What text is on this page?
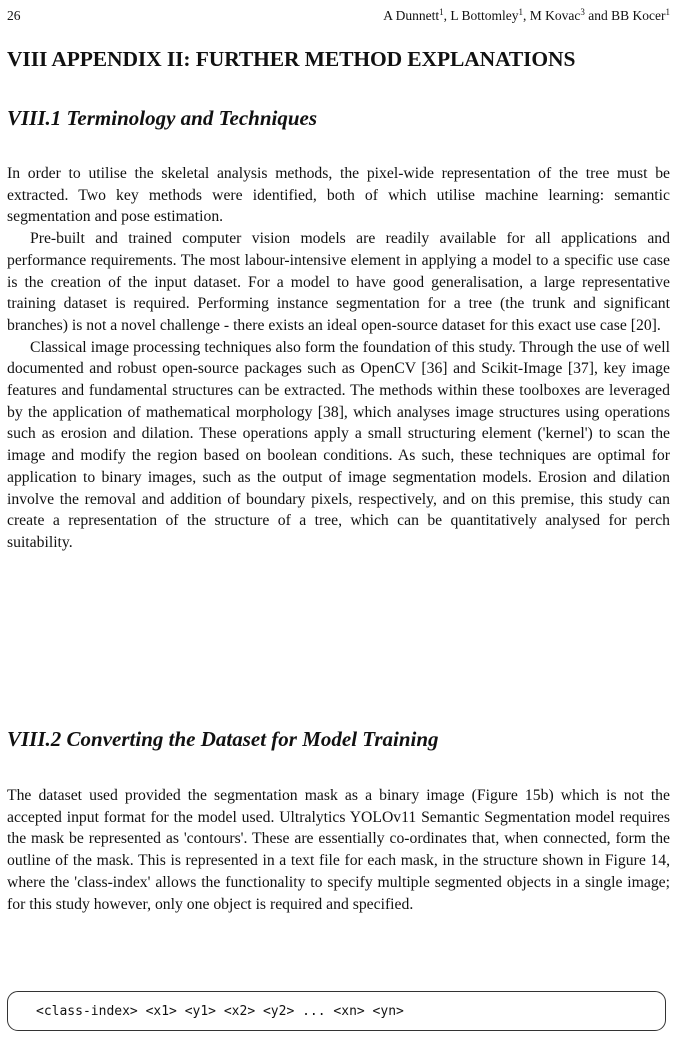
26	A Dunnett$^1$, L Bottomley$^1$, M Kovac$^3$ and BB Kocer$^1$
VIII APPENDIX II: FURTHER METHOD EXPLANATIONS
VIII.1 Terminology and Techniques

In order to utilise the skeletal analysis methods, the pixel-wide representation of the tree must be extracted. Two key methods were identified, both of which utilise machine learning: semantic segmentation and pose estimation.

Pre-built and trained computer vision models are readily available for all applications and performance requirements. The most labour-intensive element in applying a model to a specific use case is the creation of the input dataset. For a model to have good generalisation, a large representative training dataset is required. Performing instance segmentation for a tree (the trunk and significant branches) is not a novel challenge - there exists an ideal open-source dataset for this exact use case [20].

Classical image processing techniques also form the foundation of this study. Through the use of well documented and robust open-source packages such as OpenCV [36] and Scikit-Image [37], key image features and fundamental structures can be extracted. The methods within these toolboxes are leveraged by the application of mathematical morphology [38], which analyses image structures using operations such as erosion and dilation. These operations apply a small structuring element ('kernel') to scan the image and modify the region based on boolean conditions. As such, these techniques are optimal for application to binary images, such as the output of image segmentation models. Erosion and dilation involve the removal and addition of boundary pixels, respectively, and on this premise, this study can create a representation of the structure of a tree, which can be quantitatively analysed for perch suitability.

VIII.2 Converting the Dataset for Model Training

The dataset used provided the segmentation mask as a binary image (Figure 15b) which is not the accepted input format for the model used. Ultralytics YOLOv11 Semantic Segmentation model requires the mask be represented as 'contours'. These are essentially co-ordinates that, when connected, form the outline of the mask. This is represented in a text file for each mask, in the structure shown in Figure 14, where the 'class-index' allows the functionality to specify multiple segmented objects in a single image; for this study however, only one object is required and specified.

<class-index> <x1> <y1> <x2> <y2> ... <xn> <yn>
